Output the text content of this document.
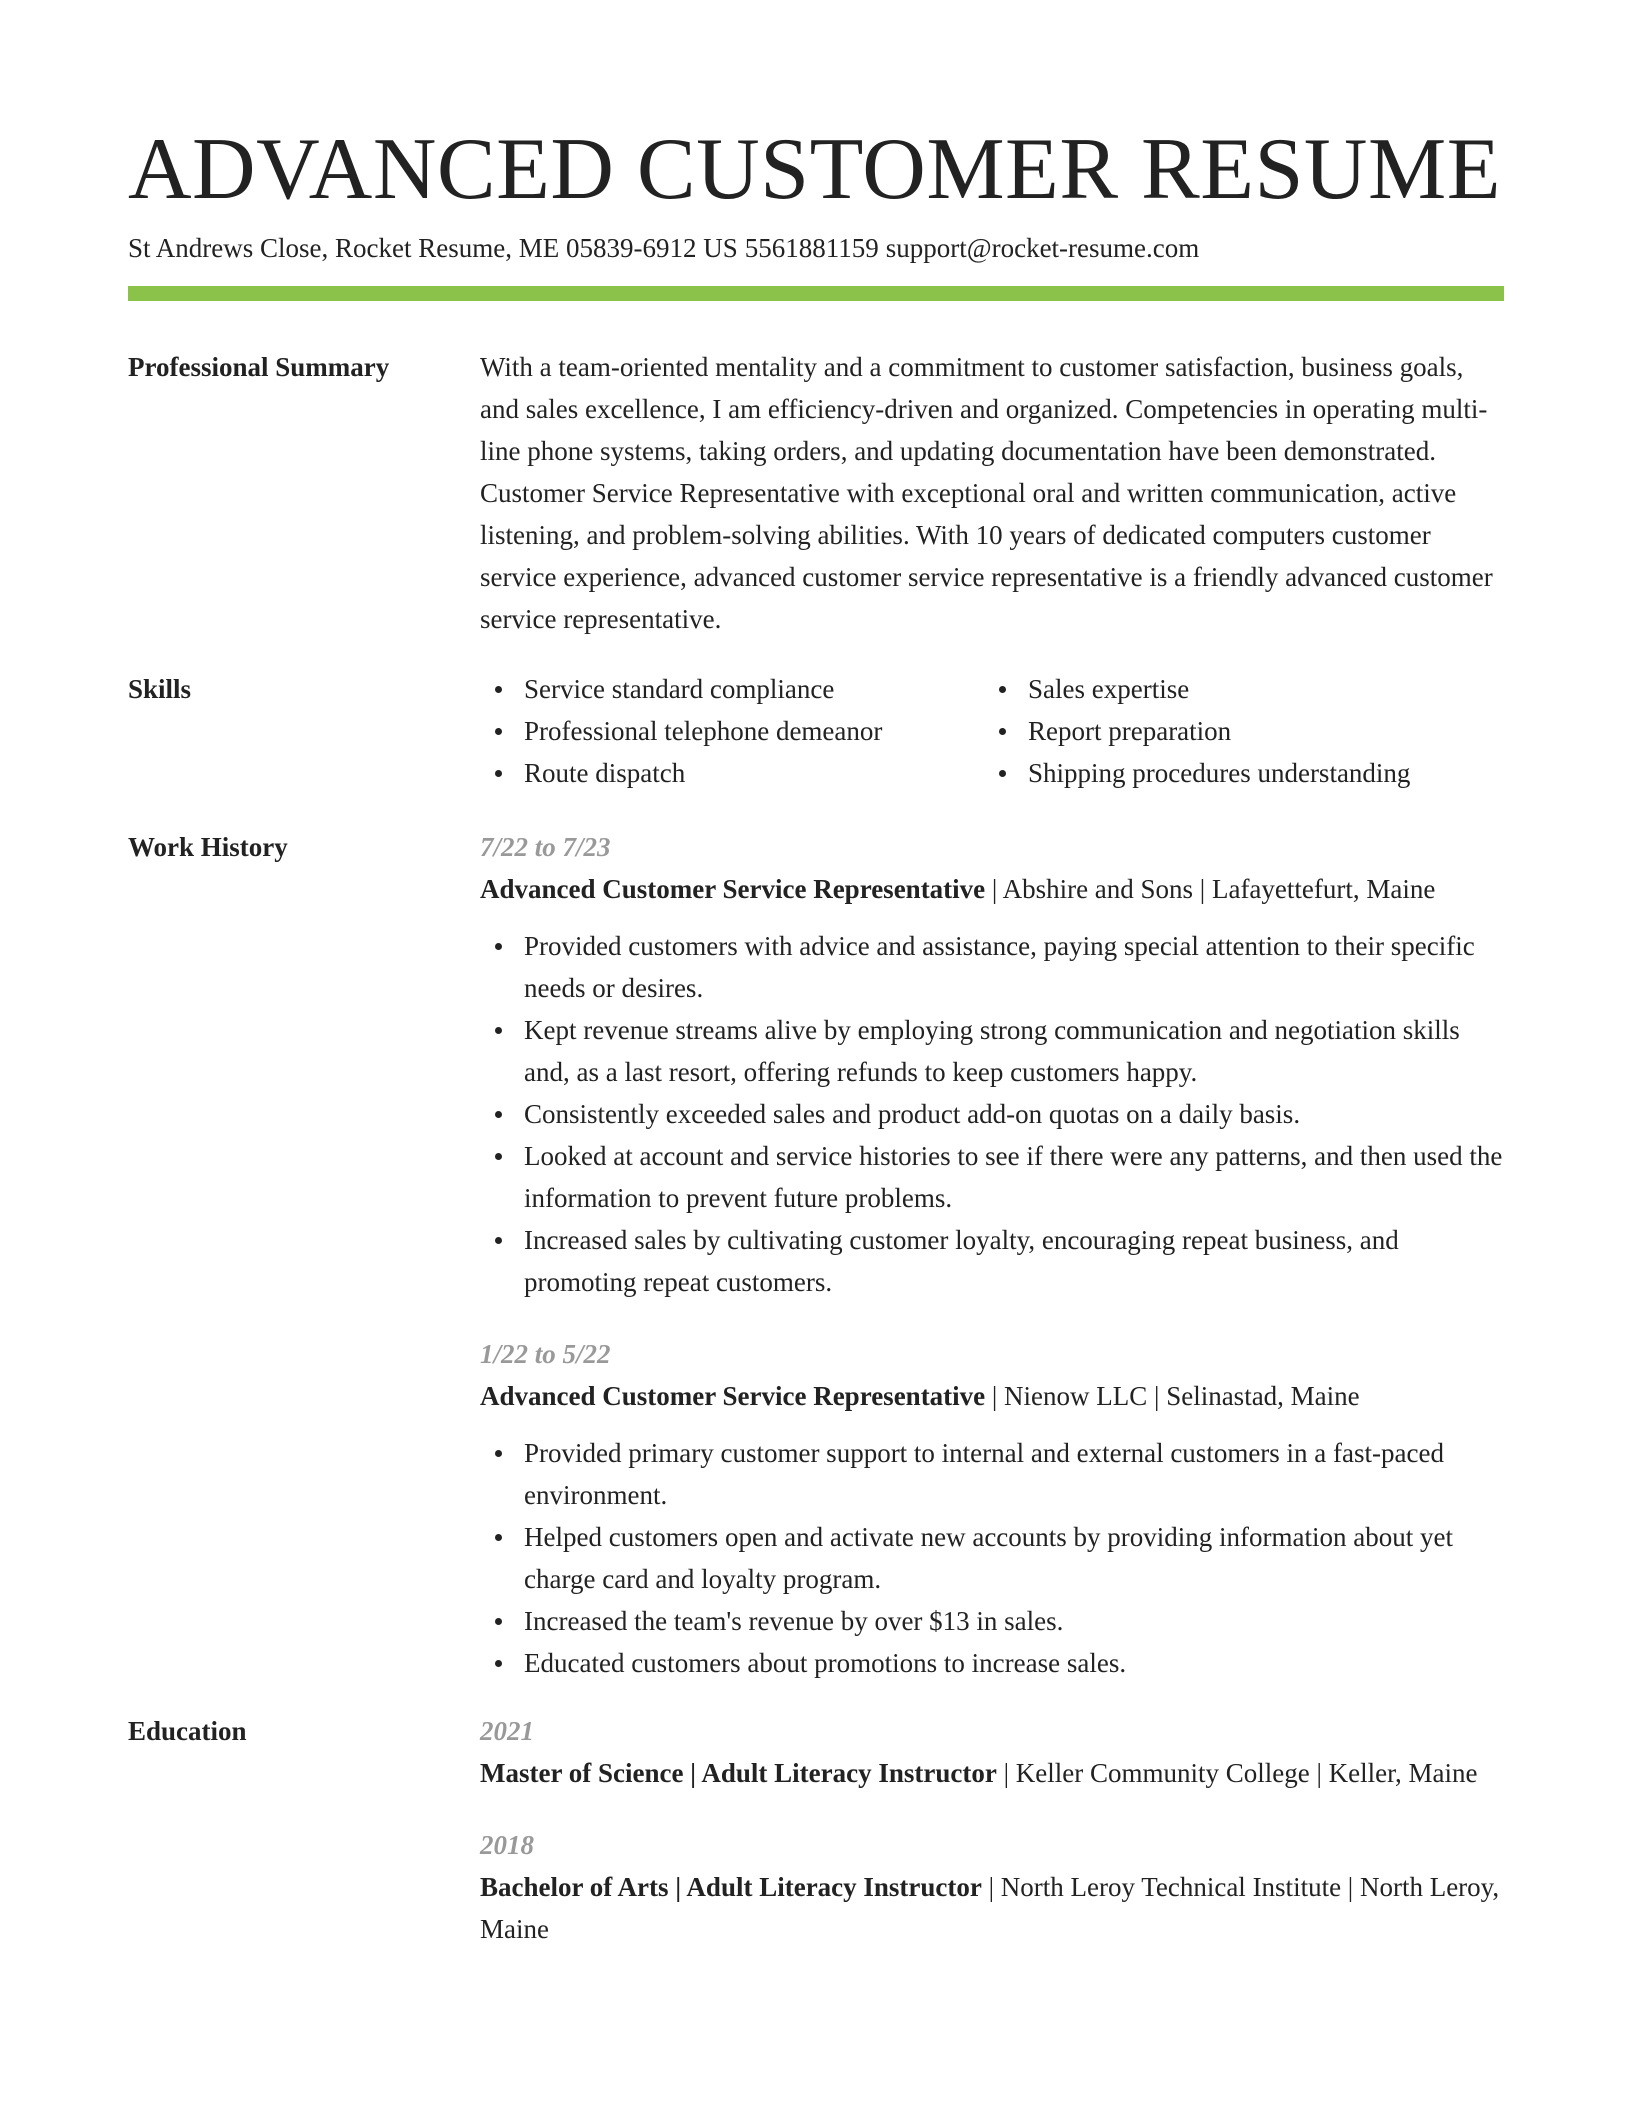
ADVANCED CUSTOMER RESUME
St Andrews Close, Rocket Resume, ME 05839-6912 US 5561881159 support@rocket-resume.com
Professional Summary	With a team-oriented mentality and a commitment to customer satisfaction, business goals, and sales excellence, I am efficiency-driven and organized. Competencies in operating multi-line phone systems, taking orders, and updating documentation have been demonstrated. Customer Service Representative with exceptional oral and written communication, active listening, and problem-solving abilities. With 10 years of dedicated computers customer service experience, advanced customer service representative is a friendly advanced customer service representative.

Skills	Service standard compliance
Professional telephone demeanor
Route dispatch
Sales expertise
Report preparation
Shipping procedures understanding
Work History	7/22 to 7/23

Advanced Customer Service Representative | Abshire and Sons | Lafayettefurt, Maine

Provided customers with advice and assistance, paying special attention to their specific needs or desires.
Kept revenue streams alive by employing strong communication and negotiation skills and, as a last resort, offering refunds to keep customers happy.
Consistently exceeded sales and product add-on quotas on a daily basis.
Looked at account and service histories to see if there were any patterns, and then used the information to prevent future problems.
Increased sales by cultivating customer loyalty, encouraging repeat business, and promoting repeat customers.
1/22 to 5/22

Advanced Customer Service Representative | Nienow LLC | Selinastad, Maine

Provided primary customer support to internal and external customers in a fast-paced environment.
Helped customers open and activate new accounts by providing information about yet charge card and loyalty program.
Increased the team's revenue by over $13 in sales.
Educated customers about promotions to increase sales.
Education	2021

Master of Science | Adult Literacy Instructor | Keller Community College | Keller, Maine

2018

Bachelor of Arts | Adult Literacy Instructor | North Leroy Technical Institute | North Leroy, Maine
